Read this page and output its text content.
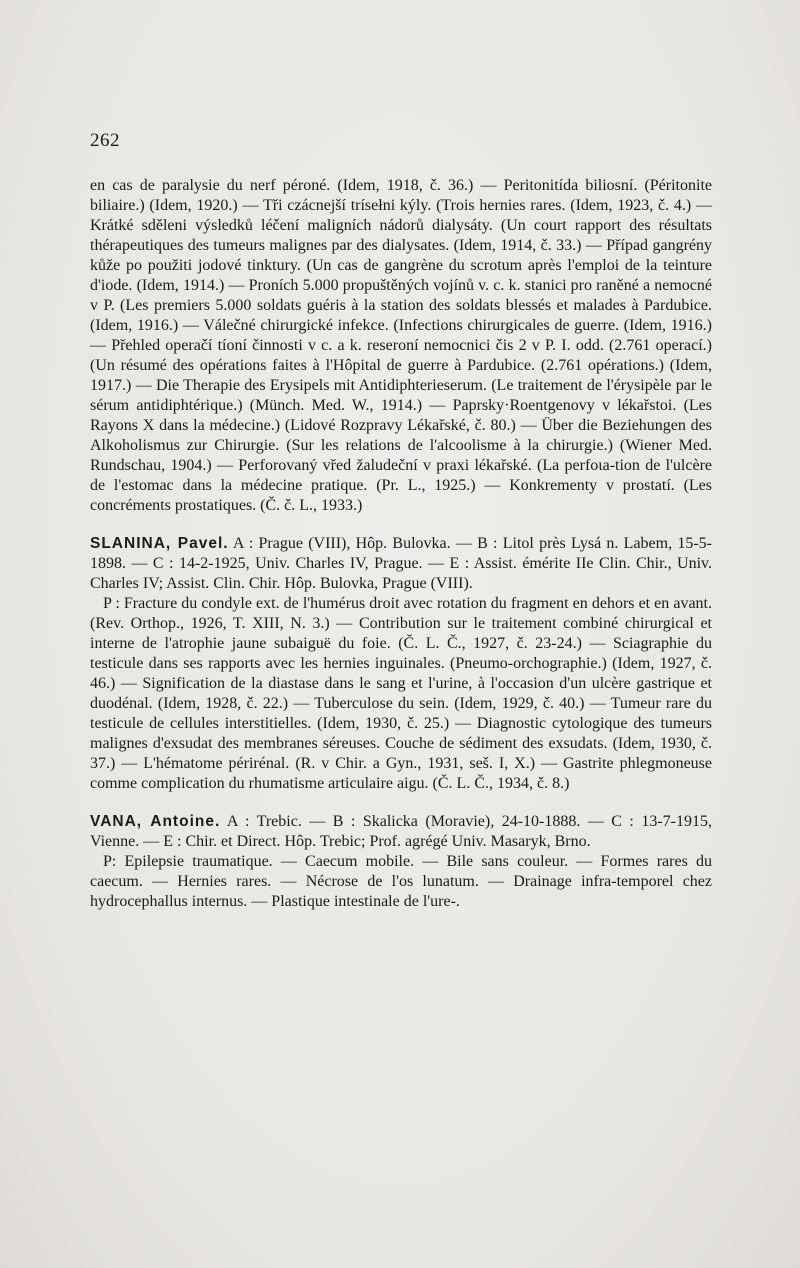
262

en cas de paralysie du nerf péroné. (Idem, 1918, č. 36.) — Peritonitída biliosní. (Péritonite biliaire.) (Idem, 1920.) — Tři czácnejší trísełni kýly. (Trois hernies rares. (Idem, 1923, č. 4.) — Krátké sděleni výsledků léčení maligních nádorů dialysáty. (Un court rapport des résultats thérapeutiques des tumeurs malignes par des dialysates. (Idem, 1914, č. 33.) — Případ gangrény kůže po použiti jodové tinktury. (Un cas de gangrène du scrotum après l'emploi de la teinture d'iode. (Idem, 1914.) — Proních 5.000 propuštěných vojínů v. c. k. stanici pro raněné a nemocné v P. (Les premiers 5.000 soldats guéris à la station des soldats blessés et malades à Pardubice. (Idem, 1916.) — Válečné chirurgické infekce. (Infections chirurgicales de guerre. (Idem, 1916.) — Přehled operačí tíoní činnosti v c. a k. reseroní nemocnici čis 2 v P. I. odd. (2.761 operací.) (Un résumé des opérations faites à l'Hôpital de guerre à Pardubice. (2.761 opérations.) (Idem, 1917.) — Die Therapie des Erysipels mit Antidiphterieserum. (Le traitement de l'érysipèle par le sérum antidiphtérique.) (Münch. Med. W., 1914.) — Paprsky·Roentgenovy v lékařstoi. (Les Rayons X dans la médecine.) (Lidové Rozpravy Lékařské, č. 80.) — Über die Beziehungen des Alkoholismus zur Chirurgie. (Sur les relations de l'alcoolisme à la chirurgie.) (Wiener Med. Rundschau, 1904.) — Perforovaný vřed žaludeční v praxi lékařské. (La perfoιa-tion de l'ulcère de l'estomac dans la médecine pratique. (Pr. L., 1925.) — Konkrementy v prostatí. (Les concréments prostatiques. (Č. č. L., 1933.)

SLANINA, Pavel. A : Prague (VIII), Hôp. Bulovka. — B : Litol près Lysá n. Labem, 15-5-1898. — C : 14-2-1925, Univ. Charles IV, Prague. — E : Assist. émérite IIe Clin. Chir., Univ. Charles IV; Assist. Clin. Chir. Hôp. Bulovka, Prague (VIII).

P : Fracture du condyle ext. de l'humérus droit avec rotation du fragment en dehors et en avant. (Rev. Orthop., 1926, T. XIII, N. 3.) — Contribution sur le traitement combiné chirurgical et interne de l'atrophie jaune subaiguë du foie. (Č. L. Č., 1927, č. 23-24.) — Sciagraphie du testicule dans ses rapports avec les hernies inguinales. (Pneumo-orchographie.) (Idem, 1927, č. 46.) — Signification de la diastase dans le sang et l'urine, à l'occasion d'un ulcère gastrique et duodénal. (Idem, 1928, č. 22.) — Tuberculose du sein. (Idem, 1929, č. 40.) — Tumeur rare du testicule de cellules interstitielles. (Idem, 1930, č. 25.) — Diagnostic cytologique des tumeurs malignes d'exsudat des membranes séreuses. Couche de sédiment des exsudats. (Idem, 1930, č. 37.) — L'hématome périrénal. (R. v Chir. a Gyn., 1931, seš. I, X.) — Gastrite phlegmoneuse comme complication du rhumatisme articulaire aigu. (Č. L. Č., 1934, č. 8.)

VANA, Antoine. A : Trebic. — B : Skalicka (Moravie), 24-10-1888. — C : 13-7-1915, Vienne. — E : Chir. et Direct. Hôp. Trebic; Prof. agrégé Univ. Masaryk, Brno.

P: Epilepsie traumatique. — Caecum mobile. — Bile sans couleur. — Formes rares du caecum. — Hernies rares. — Nécrose de l'os lunatum. — Drainage infra-temporel chez hydrocephallus internus. — Plastique intestinale de l'ure-.
